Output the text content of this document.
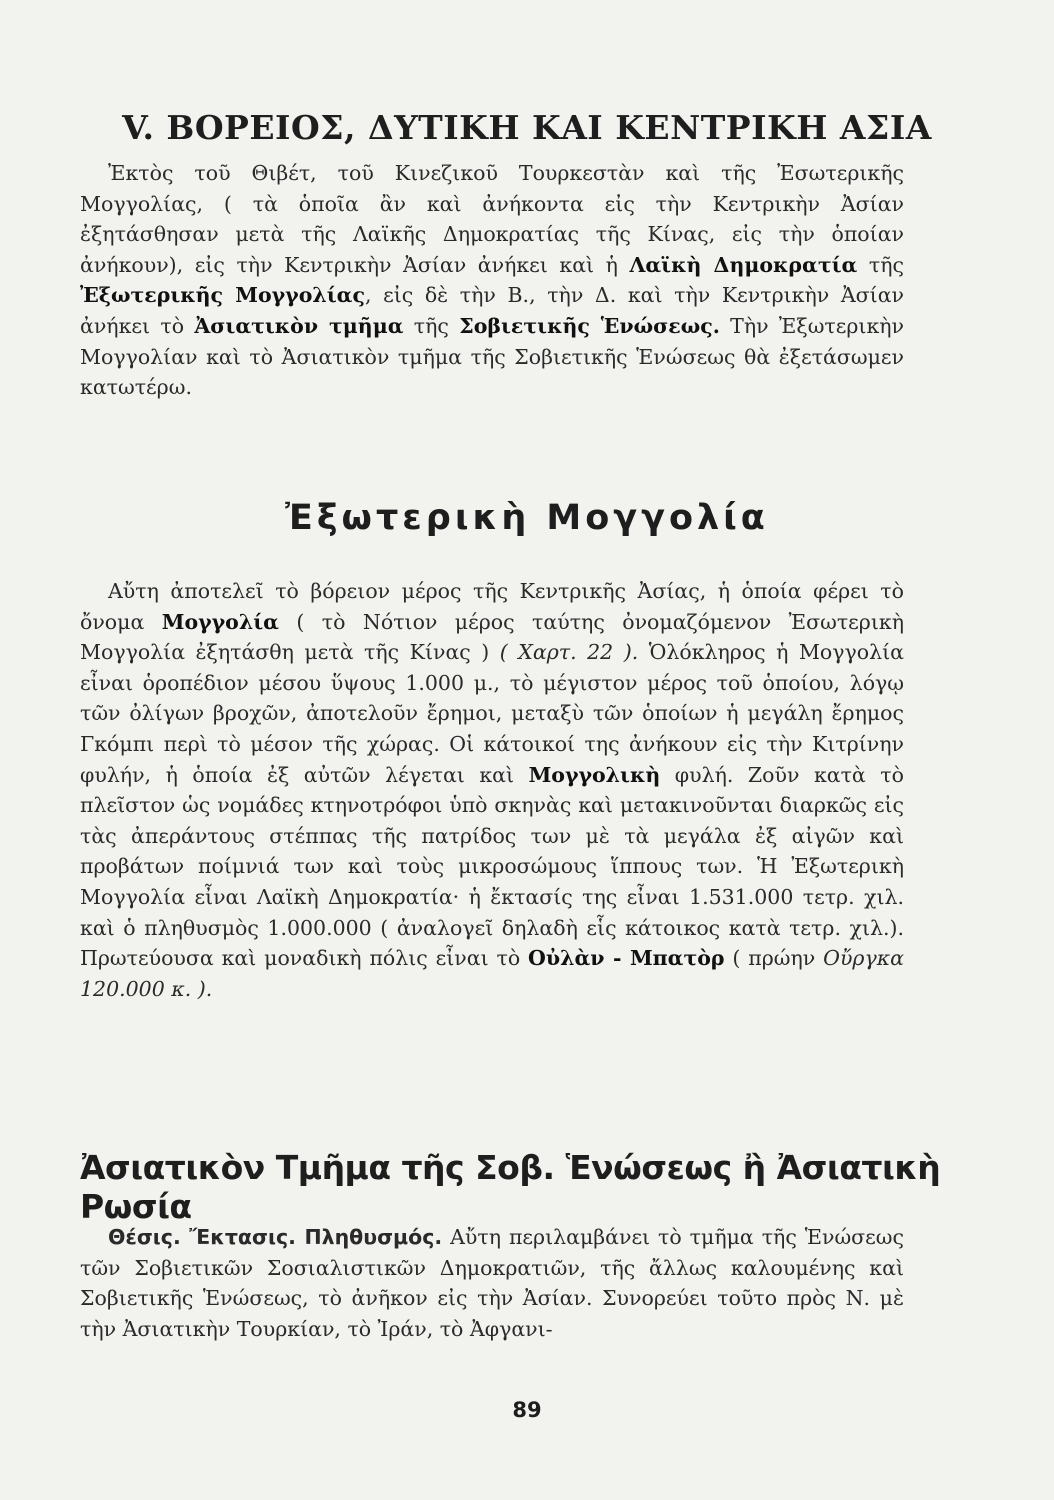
V. ΒΟΡΕΙΟΣ, ΔΥΤΙΚΗ ΚΑΙ ΚΕΝΤΡΙΚΗ ΑΣΙΑ

Ἐκτὸς τοῦ Θιβέτ, τοῦ Κινεζικοῦ Τουρκεστὰν καὶ τῆς Ἐσωτερικῆς Μογγολίας, ( τὰ ὁποῖα ἂν καὶ ἀνήκοντα εἰς τὴν Κεντρικὴν Ἀσίαν ἐξητάσθησαν μετὰ τῆς Λαϊκῆς Δημοκρατίας τῆς Κίνας, εἰς τὴν ὁποίαν ἀνήκουν), εἰς τὴν Κεντρικὴν Ἀσίαν ἀνήκει καὶ ἡ Λαϊκὴ Δημοκρατία τῆς Ἐξωτερικῆς Μογγολίας, εἰς δὲ τὴν Β., τὴν Δ. καὶ τὴν Κεντρικὴν Ἀσίαν ἀνήκει τὸ Ἀσιατικὸν τμῆμα τῆς Σοβιετικῆς Ἑνώσεως. Τὴν Ἐξωτερικὴν Μογγολίαν καὶ τὸ Ἀσιατικὸν τμῆμα τῆς Σοβιετικῆς Ἑνώσεως θὰ ἐξετάσωμεν κατωτέρω.

Ἐξωτερικὴ Μογγολία

Αὔτη ἀποτελεῖ τὸ βόρειον μέρος τῆς Κεντρικῆς Ἀσίας, ἡ ὁποία φέρει τὸ ὄνομα Μογγολία ( τὸ Νότιον μέρος ταύτης ὀνομαζόμενον Ἐσωτερικὴ Μογγολία ἐξητάσθη μετὰ τῆς Κίνας ) ( Χαρτ. 22 ). Ὁλόκληρος ἡ Μογγολία εἶναι ὁροπέδιον μέσου ὕψους 1.000 μ., τὸ μέγιστον μέρος τοῦ ὁποίου, λόγῳ τῶν ὀλίγων βροχῶν, ἀποτελοῦν ἔρημοι, μεταξὺ τῶν ὁποίων ἡ μεγάλη ἔρημος Γκόμπι περὶ τὸ μέσον τῆς χώρας. Οἱ κάτοικοί της ἀνήκουν εἰς τὴν Κιτρίνην φυλήν, ἡ ὁποία ἐξ αὐτῶν λέγεται καὶ Μογγολικὴ φυλή. Ζοῦν κατὰ τὸ πλεῖστον ὡς νομάδες κτηνοτρόφοι ὑπὸ σκηνὰς καὶ μετακινοῦνται διαρκῶς εἰς τὰς ἀπεράντους στέππας τῆς πατρίδος των μὲ τὰ μεγάλα ἐξ αἰγῶν καὶ προβάτων ποίμνιά των καὶ τοὺς μικροσώμους ἵππους των. Ἡ Ἐξωτερικὴ Μογγολία εἶναι Λαϊκὴ Δημοκρατία· ἡ ἔκτασίς της εἶναι 1.531.000 τετρ. χιλ. καὶ ὁ πληθυσμὸς 1.000.000 ( ἀναλογεῖ δηλαδὴ εἷς κάτοικος κατὰ τετρ. χιλ.). Πρωτεύουσα καὶ μοναδικὴ πόλις εἶναι τὸ Οὐλὰν - Μπατὸρ ( πρώην Οὔργκα 120.000 κ. ).

Ἀσιατικὸν Τμῆμα τῆς Σοβ. Ἑνώσεως ἢ Ἀσιατικὴ Ρωσία

Θέσις. Ἔκτασις. Πληθυσμός. Αὔτη περιλαμβάνει τὸ τμῆμα τῆς Ἑνώσεως τῶν Σοβιετικῶν Σοσιαλιστικῶν Δημοκρατιῶν, τῆς ἄλλως καλουμένης καὶ Σοβιετικῆς Ἑνώσεως, τὸ ἀνῆκον εἰς τὴν Ἀσίαν. Συνορεύει τοῦτο πρὸς Ν. μὲ τὴν Ἀσιατικὴν Τουρκίαν, τὸ Ἰράν, τὸ Ἀφγανι-

89
